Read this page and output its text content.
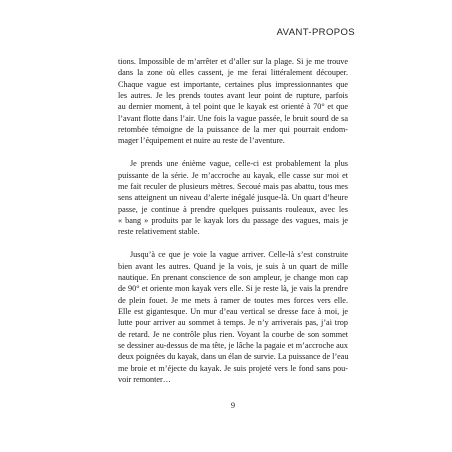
AVANT-PROPOS
tions. Impossible de m’arrêter et d’aller sur la plage. Si je me trouve
dans la zone où elles cassent, je me ferai littéralement découper.
Chaque vague est importante, certaines plus impressionnantes que
les autres. Je les prends toutes avant leur point de rupture, parfois
au dernier moment, à tel point que le kayak est orienté à 70° et que
l’avant flotte dans l’air. Une fois la vague passée, le bruit sourd de sa
retombée témoigne de la puissance de la mer qui pourrait endom-
mager l’équipement et nuire au reste de l’aventure.
Je prends une énième vague, celle-ci est probablement la plus
puissante de la série. Je m’accroche au kayak, elle casse sur moi et
me fait reculer de plusieurs mètres. Secoué mais pas abattu, tous mes
sens atteignent un niveau d’alerte inégalé jusque-là. Un quart d’heure
passe, je continue à prendre quelques puissants rouleaux, avec les
« bang » produits par le kayak lors du passage des vagues, mais je
reste relativement stable.
Jusqu’à ce que je voie la vague arriver. Celle-là s’est construite
bien avant les autres. Quand je la vois, je suis à un quart de mille
nautique. En prenant conscience de son ampleur, je change mon cap
de 90° et oriente mon kayak vers elle. Si je reste là, je vais la prendre
de plein fouet. Je me mets à ramer de toutes mes forces vers elle.
Elle est gigantesque. Un mur d’eau vertical se dresse face à moi, je
lutte pour arriver au sommet à temps. Je n’y arriverais pas, j’ai trop
de retard. Je ne contrôle plus rien. Voyant la courbe de son sommet
se dessiner au-dessus de ma tête, je lâche la pagaie et m’accroche aux
deux poignées du kayak, dans un élan de survie. La puissance de l’eau
me broie et m’éjecte du kayak. Je suis projeté vers le fond sans pou-
voir remonter…
9
